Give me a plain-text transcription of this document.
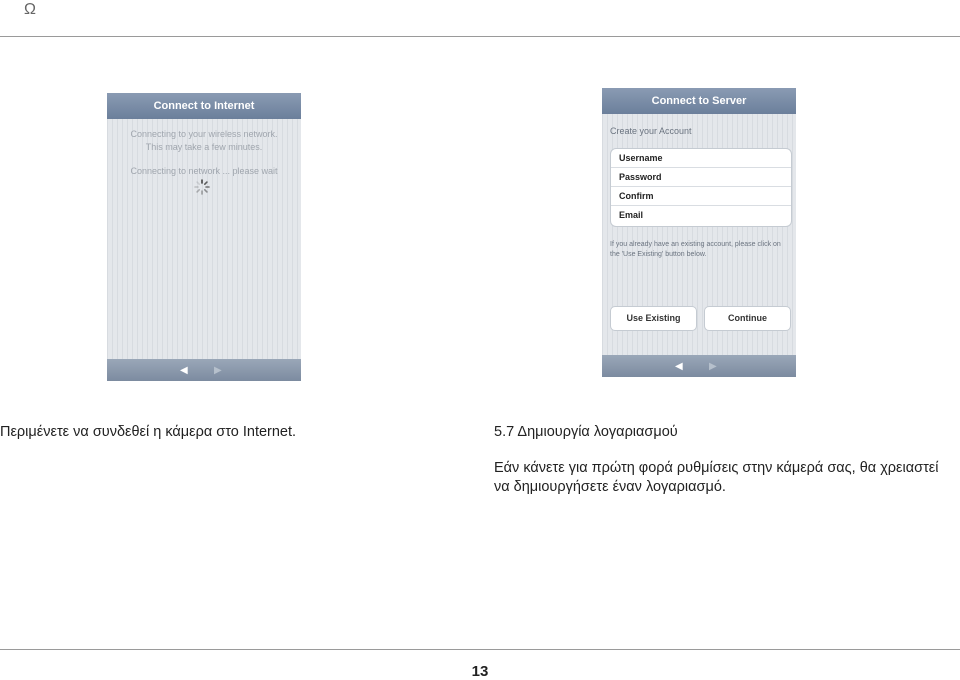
Ω
Connect to Internet
Connecting to your wireless network.
This may take a few minutes.
Connecting to network ... please wait
◀	▶
Connect to Server
Create your Account
Username
Password
Confirm
Email
If you already have an existing account, please click on the 'Use Existing' button below.
Use Existing	Continue
◀	▶
Περιμένετε να συνδεθεί η κάμερα στο Internet.	5.7 Δημιουργία λογαριασμού
Εάν κάνετε για πρώτη φορά ρυθμίσεις στην κάμερά σας, θα χρειαστεί να δημιουργήσετε έναν λογαριασμό.
13
